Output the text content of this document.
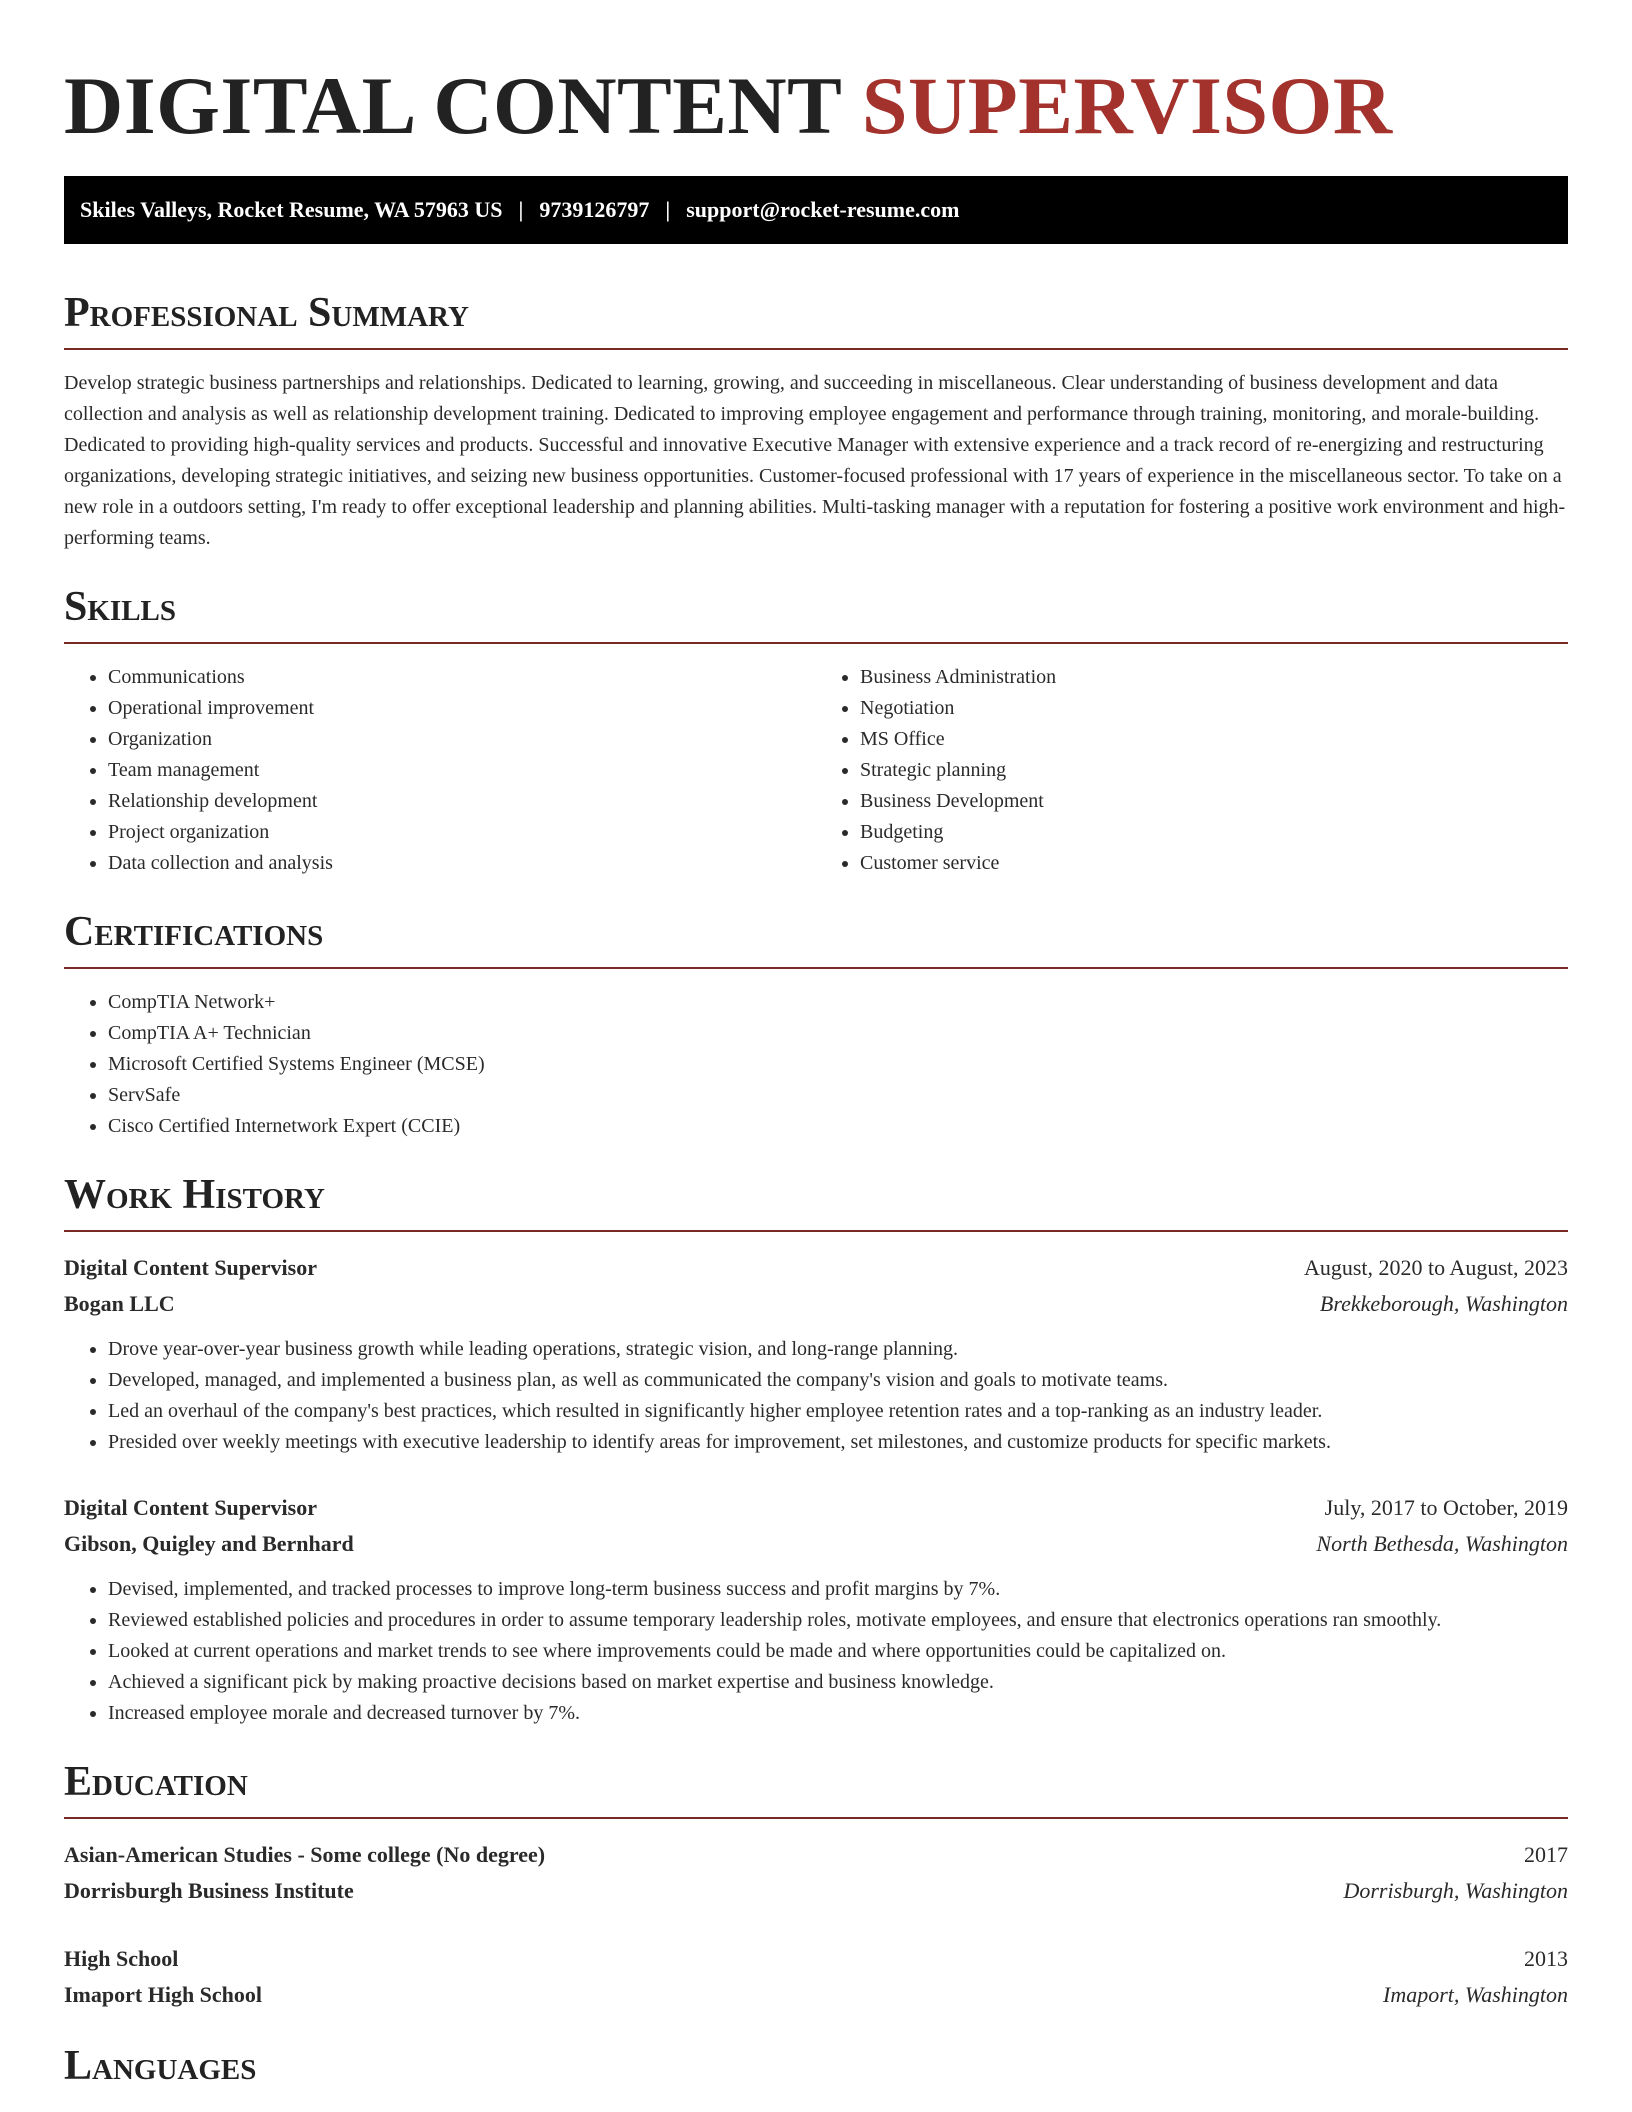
DIGITAL CONTENT SUPERVISOR
Skiles Valleys, Rocket Resume, WA 57963 US | 9739126797 | support@rocket-resume.com
Professional Summary

Develop strategic business partnerships and relationships. Dedicated to learning, growing, and succeeding in miscellaneous. Clear understanding of business development and data collection and analysis as well as relationship development training. Dedicated to improving employee engagement and performance through training, monitoring, and morale-building. Dedicated to providing high-quality services and products. Successful and innovative Executive Manager with extensive experience and a track record of re-energizing and restructuring organizations, developing strategic initiatives, and seizing new business opportunities. Customer-focused professional with 17 years of experience in the miscellaneous sector. To take on a new role in a outdoors setting, I'm ready to offer exceptional leadership and planning abilities. Multi-tasking manager with a reputation for fostering a positive work environment and high-performing teams.

Skills
• Communications
• Operational improvement
• Organization
• Team management
• Relationship development
• Project organization
• Data collection and analysis
• Business Administration
• Negotiation
• MS Office
• Strategic planning
• Business Development
• Budgeting
• Customer service
Certifications
• CompTIA Network+
• CompTIA A+ Technician
• Microsoft Certified Systems Engineer (MCSE)
• ServSafe
• Cisco Certified Internetwork Expert (CCIE)
Work History
Digital Content Supervisor	August, 2020 to August, 2023
Bogan LLC	Brekkeborough, Washington
• Drove year-over-year business growth while leading operations, strategic vision, and long-range planning.
• Developed, managed, and implemented a business plan, as well as communicated the company's vision and goals to motivate teams.
• Led an overhaul of the company's best practices, which resulted in significantly higher employee retention rates and a top-ranking as an industry leader.
• Presided over weekly meetings with executive leadership to identify areas for improvement, set milestones, and customize products for specific markets.
Digital Content Supervisor	July, 2017 to October, 2019
Gibson, Quigley and Bernhard	North Bethesda, Washington
• Devised, implemented, and tracked processes to improve long-term business success and profit margins by 7%.
• Reviewed established policies and procedures in order to assume temporary leadership roles, motivate employees, and ensure that electronics operations ran smoothly.
• Looked at current operations and market trends to see where improvements could be made and where opportunities could be capitalized on.
• Achieved a significant pick by making proactive decisions based on market expertise and business knowledge.
• Increased employee morale and decreased turnover by 7%.
Education
Asian-American Studies - Some college (No degree)	2017
Dorrisburgh Business Institute	Dorrisburgh, Washington
High School	2013
Imaport High School	Imaport, Washington
Languages
